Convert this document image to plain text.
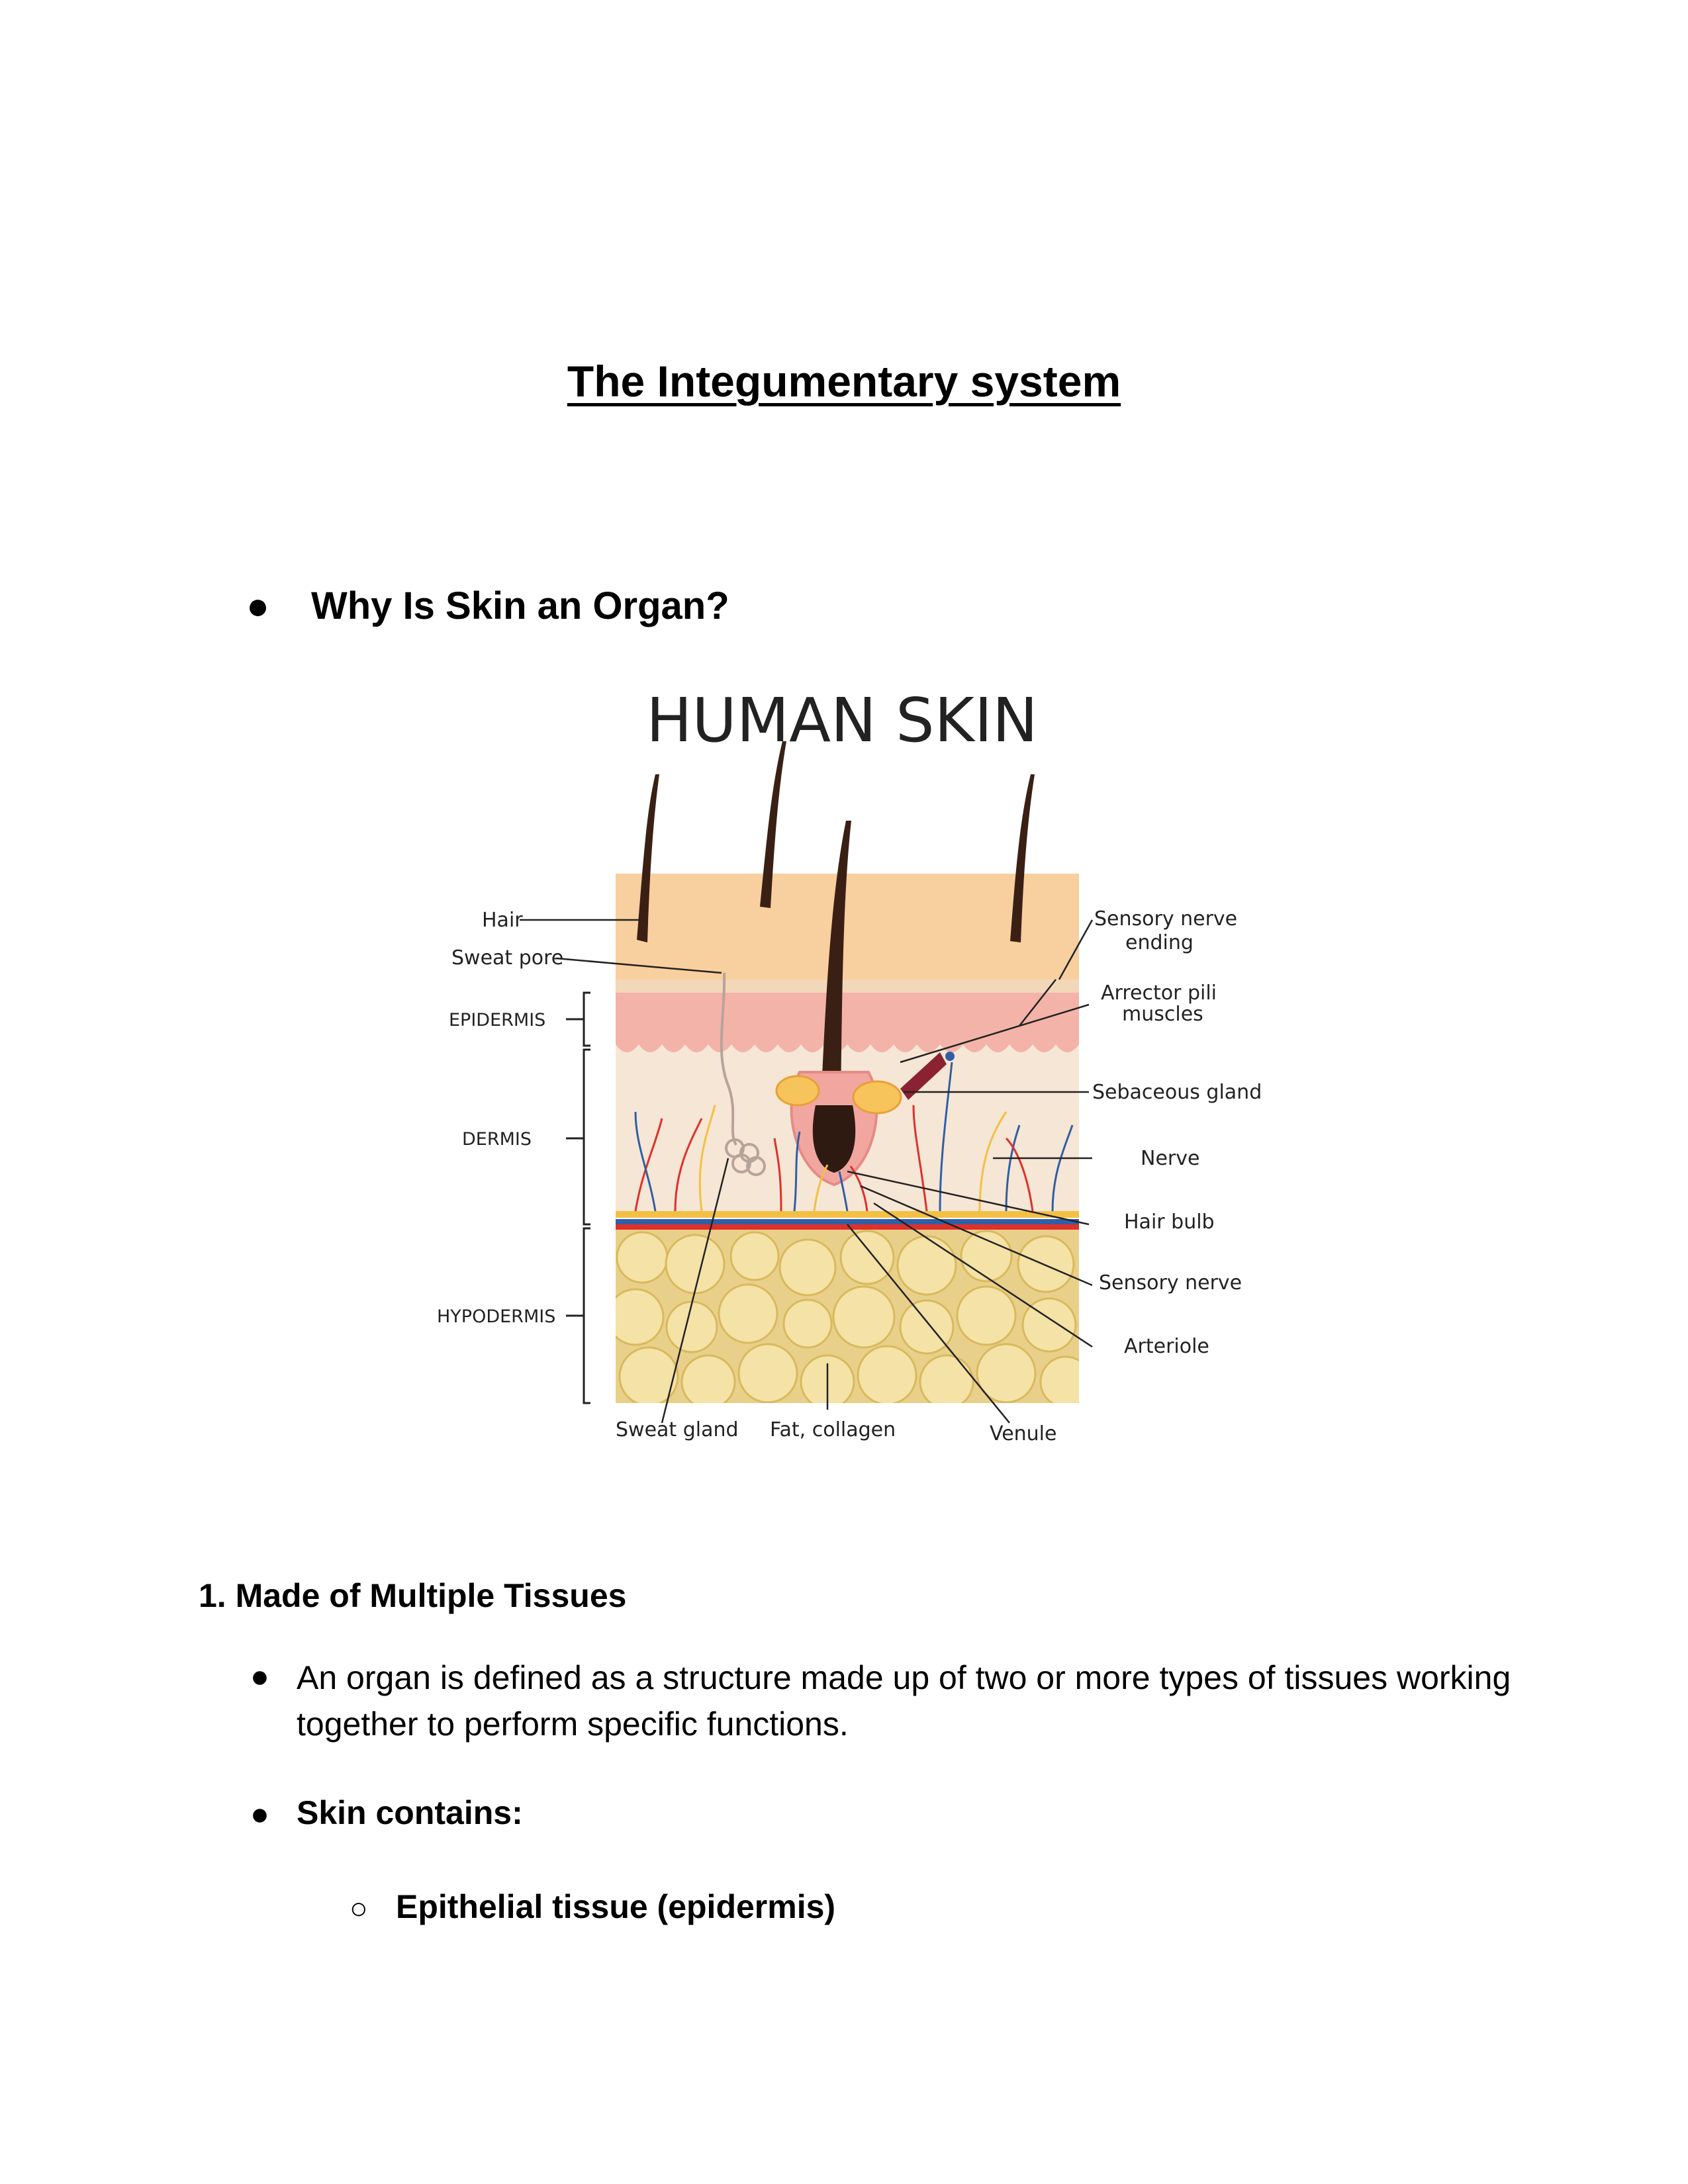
The Integumentary system
● Why Is Skin an Organ?
HUMAN SKIN
Hair
Sweat pore
EPIDERMIS
DERMIS
HYPODERMIS
Sweat gland Fat, collagen	Venule
Sensory nerve
ending
Arrector pili
muscles
Sebaceous gland
Nerve
Hair bulb
Sensory nerve
Arteriole
1. Made of Multiple Tissues
● An organ is defined as a structure made up of two or more types of tissues working together to perform specific functions.
● Skin contains:
○ Epithelial tissue (epidermis)
